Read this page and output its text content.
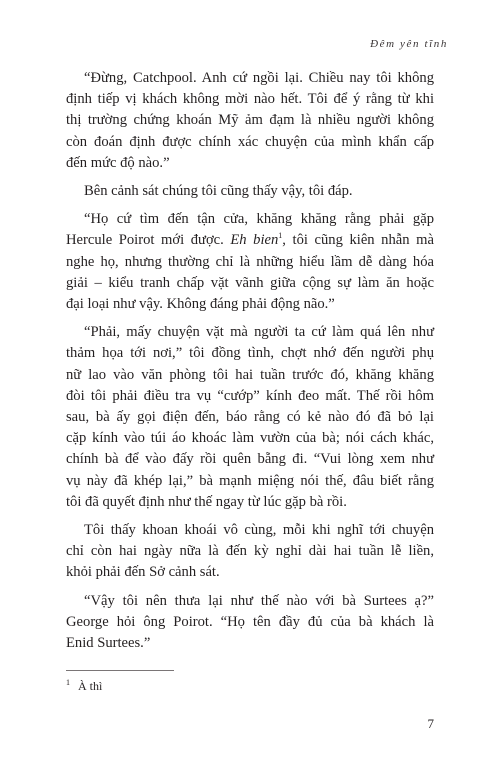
Đêm yên tĩnh

“Đừng, Catchpool. Anh cứ ngồi lại. Chiều nay tôi không
định tiếp vị khách không mời nào hết. Tôi để ý rằng từ khi
thị trường chứng khoán Mỹ ảm đạm là nhiều người không
còn đoán định được chính xác chuyện của mình khẩn cấp
đến mức độ nào.”

Bên cảnh sát chúng tôi cũng thấy vậy, tôi đáp.

“Họ cứ tìm đến tận cửa, khăng khăng rằng phải gặp
Hercule Poirot mới được. Eh bien$^1$, tôi cũng kiên nhẫn mà
nghe họ, nhưng thường chỉ là những hiểu lầm dễ dàng hóa
giải – kiểu tranh chấp vặt vãnh giữa cộng sự làm ăn hoặc
đại loại như vậy. Không đáng phải động não.”

“Phải, mấy chuyện vặt mà người ta cứ làm quá lên như
thảm họa tới nơi,” tôi đồng tình, chợt nhớ đến người phụ
nữ lao vào văn phòng tôi hai tuần trước đó, khăng khăng
đòi tôi phải điều tra vụ “cướp” kính đeo mất. Thế rồi hôm
sau, bà ấy gọi điện đến, báo rằng có kẻ nào đó đã bỏ lại
cặp kính vào túi áo khoác làm vườn của bà; nói cách khác,
chính bà để vào đấy rồi quên bẵng đi. “Vui lòng xem như
vụ này đã khép lại,” bà mạnh miệng nói thế, đâu biết rằng
tôi đã quyết định như thế ngay từ lúc gặp bà rồi.

Tôi thấy khoan khoái vô cùng, mỗi khi nghĩ tới chuyện
chỉ còn hai ngày nữa là đến kỳ nghỉ dài hai tuần lễ liền,
khỏi phải đến Sở cảnh sát.

“Vậy tôi nên thưa lại như thế nào với bà Surtees ạ?”
George hỏi ông Poirot. “Họ tên đầy đủ của bà khách là
Enid Surtees.”

$^1$ À thì
7
